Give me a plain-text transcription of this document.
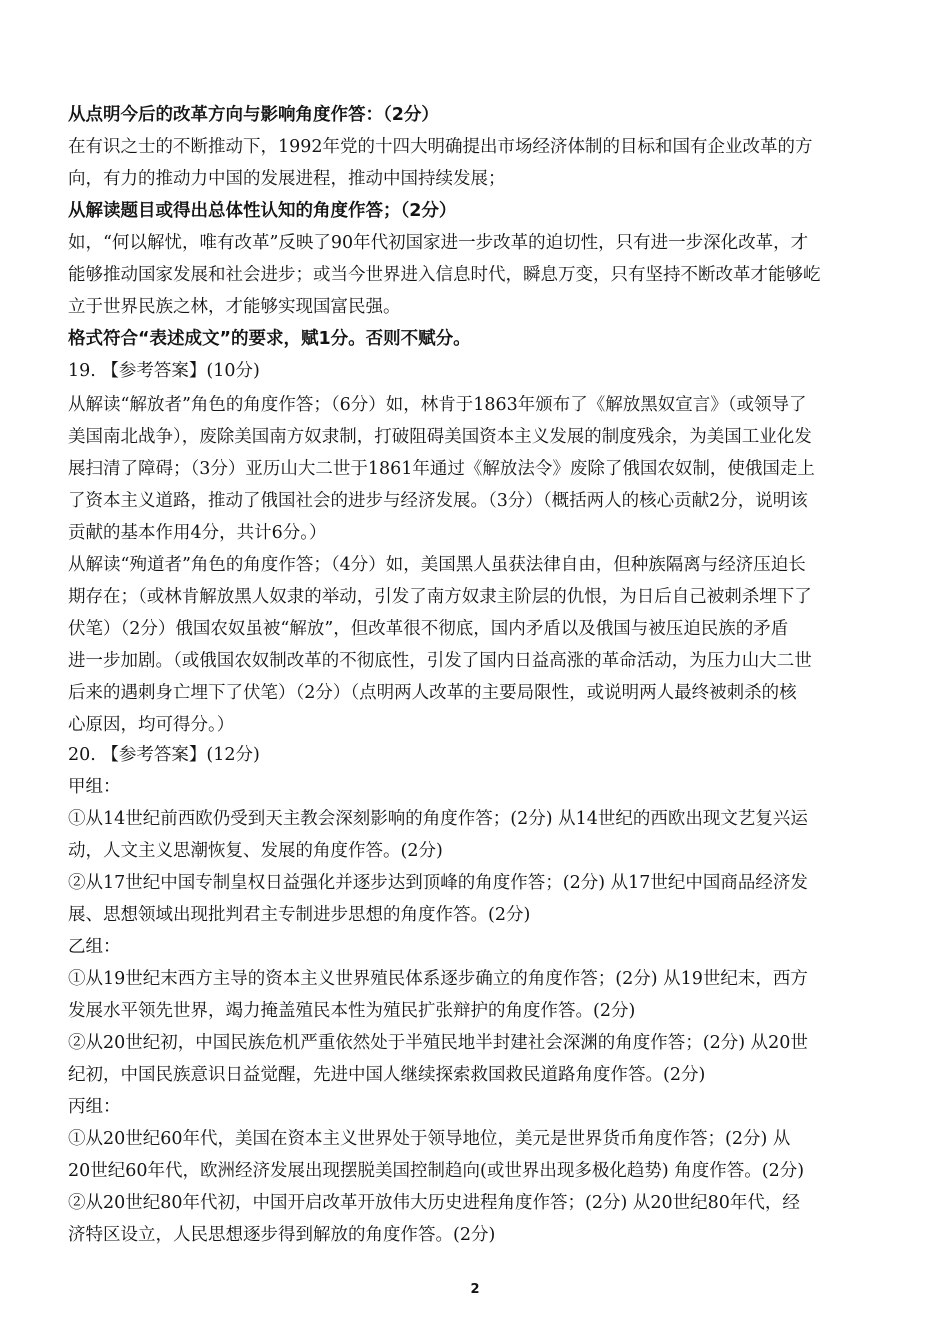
从点明今后的改革方向与影响角度作答：（2分）
在有识之士的不断推动下，1992年党的十四大明确提出市场经济体制的目标和国有企业改革的方
向，有力的推动力中国的发展进程，推动中国持续发展；
从解读题目或得出总体性认知的角度作答；（2分）
如，“何以解忧，唯有改革”反映了90年代初国家进一步改革的迫切性，只有进一步深化改革，才
能够推动国家发展和社会进步；或当今世界进入信息时代，瞬息万变，只有坚持不断改革才能够屹
立于世界民族之林，才能够实现国富民强。
格式符合“表述成文”的要求，赋1分。否则不赋分。
19. 【参考答案】(10分)
从解读“解放者”角色的角度作答；（6分）如，林肯于1863年颁布了《解放黑奴宣言》（或领导了
美国南北战争），废除美国南方奴隶制，打破阻碍美国资本主义发展的制度残余，为美国工业化发
展扫清了障碍；（3分）亚历山大二世于1861年通过《解放法令》废除了俄国农奴制，使俄国走上
了资本主义道路，推动了俄国社会的进步与经济发展。（3分）（概括两人的核心贡献2分，说明该
贡献的基本作用4分，共计6分。）
从解读“殉道者”角色的角度作答；（4分）如，美国黑人虽获法律自由，但种族隔离与经济压迫长
期存在；（或林肯解放黑人奴隶的举动，引发了南方奴隶主阶层的仇恨，为日后自己被刺杀埋下了
伏笔）（2分）俄国农奴虽被“解放”，但改革很不彻底，国内矛盾以及俄国与被压迫民族的矛盾
进一步加剧。（或俄国农奴制改革的不彻底性，引发了国内日益高涨的革命活动，为压力山大二世
后来的遇刺身亡埋下了伏笔）（2分）（点明两人改革的主要局限性，或说明两人最终被刺杀的核
心原因，均可得分。）
20. 【参考答案】(12分)
甲组：
①从14世纪前西欧仍受到天主教会深刻影响的角度作答；(2分) 从14世纪的西欧出现文艺复兴运
动，人文主义思潮恢复、发展的角度作答。(2分)
②从17世纪中国专制皇权日益强化并逐步达到顶峰的角度作答；(2分) 从17世纪中国商品经济发
展、思想领域出现批判君主专制进步思想的角度作答。(2分)
乙组：
①从19世纪末西方主导的资本主义世界殖民体系逐步确立的角度作答；(2分) 从19世纪末，西方
发展水平领先世界，竭力掩盖殖民本性为殖民扩张辩护的角度作答。(2分)
②从20世纪初，中国民族危机严重依然处于半殖民地半封建社会深渊的角度作答；(2分) 从20世
纪初，中国民族意识日益觉醒，先进中国人继续探索救国救民道路角度作答。(2分)
丙组：
①从20世纪60年代，美国在资本主义世界处于领导地位，美元是世界货币角度作答；(2分) 从
20世纪60年代，欧洲经济发展出现摆脱美国控制趋向(或世界出现多极化趋势) 角度作答。(2分)
②从20世纪80年代初，中国开启改革开放伟大历史进程角度作答；(2分) 从20世纪80年代，经
济特区设立，人民思想逐步得到解放的角度作答。(2分)
2
